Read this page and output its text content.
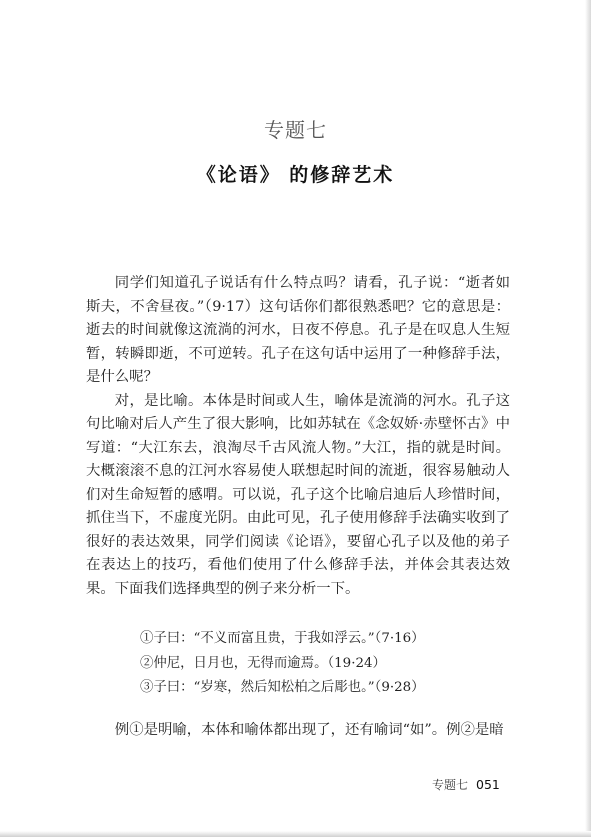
专题七
《论语》 的修辞艺术

同学们知道孔子说话有什么特点吗？请看，孔子说：“逝者如斯夫，不舍昼夜。”（9·17）这句话你们都很熟悉吧？它的意思是：逝去的时间就像这流淌的河水，日夜不停息。孔子是在叹息人生短暂，转瞬即逝，不可逆转。孔子在这句话中运用了一种修辞手法，是什么呢？

对，是比喻。本体是时间或人生，喻体是流淌的河水。孔子这句比喻对后人产生了很大影响，比如苏轼在《念奴娇·赤壁怀古》中写道：“大江东去，浪淘尽千古风流人物。”大江，指的就是时间。大概滚滚不息的江河水容易使人联想起时间的流逝，很容易触动人们对生命短暂的感喟。可以说，孔子这个比喻启迪后人珍惜时间，抓住当下，不虚度光阴。由此可见，孔子使用修辞手法确实收到了很好的表达效果，同学们阅读《论语》，要留心孔子以及他的弟子在表达上的技巧，看他们使用了什么修辞手法，并体会其表达效果。下面我们选择典型的例子来分析一下。

①子曰：“不义而富且贵，于我如浮云。”（7·16）
②仲尼，日月也，无得而逾焉。（19·24）
③子曰：“岁寒，然后知松柏之后彫也。”（9·28）

例①是明喻，本体和喻体都出现了，还有喻词“如”。例②是暗

专题七 051
